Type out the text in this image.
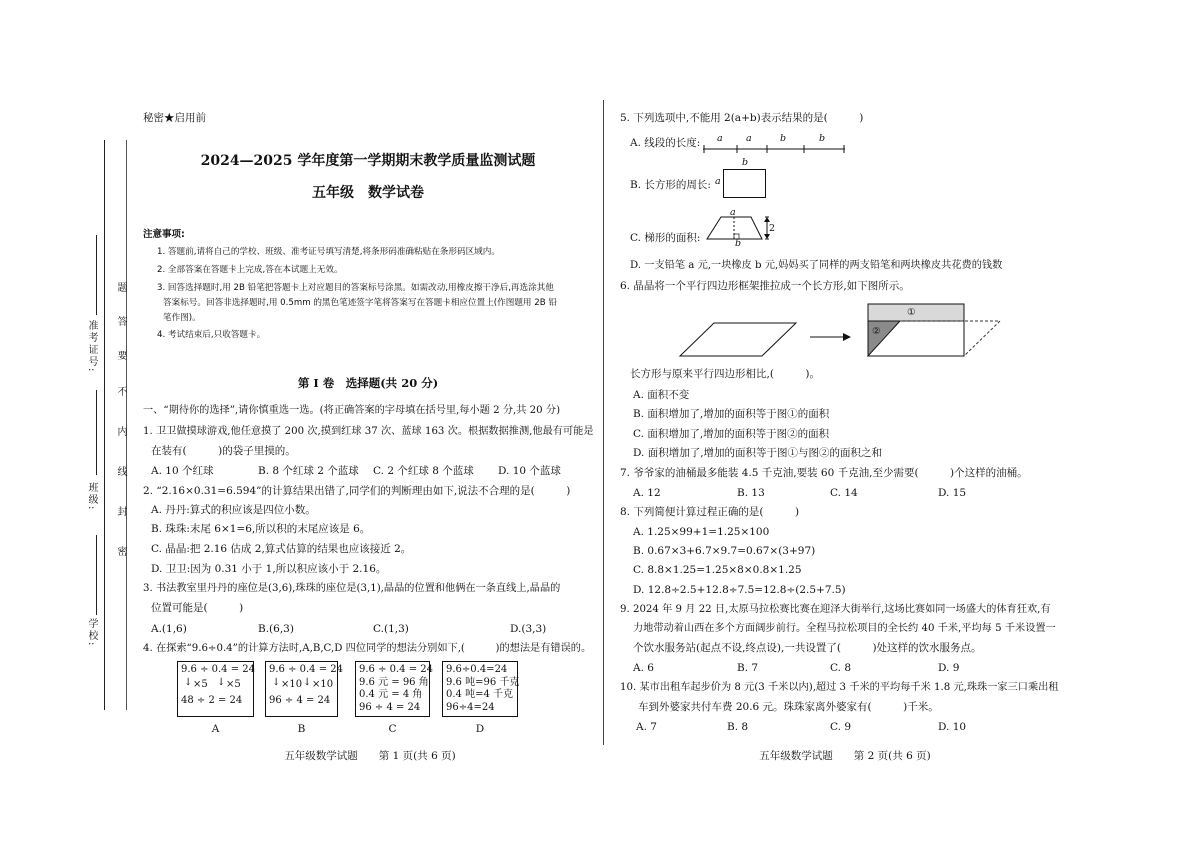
准考证号:
班级:
学校:
密
封
线
内
不
要
答
题
秘密★启用前
2024—2025 学年度第一学期期末教学质量监测试题
五年级　数学试卷
注意事项:
1. 答题前,请将自己的学校、班级、准考证号填写清楚,将条形码准确粘贴在条形码区域内。
2. 全部答案在答题卡上完成,答在本试题上无效。
3. 回答选择题时,用 2B 铅笔把答题卡上对应题目的答案标号涂黑。如需改动,用橡皮擦干净后,再选涂其他
答案标号。回答非选择题时,用 0.5mm 的黑色笔迹签字笔将答案写在答题卡相应位置上(作图题用 2B 铅
笔作图)。
4. 考试结束后,只收答题卡。
第 Ⅰ 卷　选择题(共 20 分)
一、“期待你的选择”,请你慎重选一选。(将正确答案的字母填在括号里,每小题 2 分,共 20 分)
1. 卫卫做摸球游戏,他任意摸了 200 次,摸到红球 37 次、蓝球 163 次。根据数据推测,他最有可能是
在装有(　　　)的袋子里摸的。
A. 10 个红球	B. 8 个红球 2 个蓝球 C. 2 个红球 8 个蓝球 D. 10 个蓝球
2. “2.16×0.31=6.594”的计算结果出错了,同学们的判断理由如下,说法不合理的是(　　　)
A. 丹丹:算式的积应该是四位小数。
B. 珠珠:末尾 6×1=6,所以积的末尾应该是 6。
C. 晶晶:把 2.16 估成 2,算式估算的结果也应该接近 2。
D. 卫卫:因为 0.31 小于 1,所以积应该小于 2.16。
3. 书法教室里丹丹的座位是(3,6),珠珠的座位是(3,1),晶晶的位置和他俩在一条直线上,晶晶的
位置可能是(　　　)
A.(1,6)	B.(6,3)	C.(1,3)	D.(3,3)
4. 在探索“9.6÷0.4”的计算方法时,A,B,C,D 四位同学的想法分别如下,(　　　)的想法是有错误的。
9.6 ÷ 0.4 = 24
↓ ×5 ↓ ×5
48 ÷ 2 = 24
A
9.6 ÷ 0.4 = 24
↓ ×10 ↓ ×10
96 ÷ 4 = 24
B
9.6 ÷ 0.4 = 24
9.6 元 = 96 角
0.4 元 = 4 角
96 ÷ 4 = 24
C
9.6÷0.4=24
9.6 吨=96 千克
0.4 吨=4 千克
96÷4=24
D
五年级数学试题　　第 1 页(共 6 页)
5. 下列选项中,不能用 2(a+b)表示结果的是(　　　)
A. 线段的长度: a a	b	b
B. 长方形的周长:
b
a
C. 梯形的面积:
a
2
b
D. 一支铅笔 a 元,一块橡皮 b 元,妈妈买了同样的两支铅笔和两块橡皮共花费的钱数
6. 晶晶将一个平行四边形框架推拉成一个长方形,如下图所示。
①
②
长方形与原来平行四边形相比,(　　　)。
A. 面积不变
B. 面积增加了,增加的面积等于图①的面积
C. 面积增加了,增加的面积等于图②的面积
D. 面积增加了,增加的面积等于图①与图②的面积之和
7. 爷爷家的油桶最多能装 4.5 千克油,要装 60 千克油,至少需要(　　　)个这样的油桶。
A. 12	B. 13	C. 14	D. 15
8. 下列简便计算过程正确的是(　　　)
A. 1.25×99+1=1.25×100
B. 0.67×3+6.7×9.7=0.67×(3+97)
C. 8.8×1.25=1.25×8×0.8×1.25
D. 12.8÷2.5+12.8÷7.5=12.8÷(2.5+7.5)
9. 2024 年 9 月 22 日,太原马拉松赛比赛在迎泽大街举行,这场比赛如同一场盛大的体育狂欢,有
力地带动着山西在多个方面阔步前行。全程马拉松项目的全长约 40 千米,平均每 5 千米设置一
个饮水服务站(起点不设,终点设),一共设置了(　　　)处这样的饮水服务点。
A. 6	B. 7	C. 8	D. 9
10. 某市出租车起步价为 8 元(3 千米以内),超过 3 千米的平均每千米 1.8 元,珠珠一家三口乘出租
车到外婆家共付车费 20.6 元。珠珠家离外婆家有(　　　)千米。
A. 7	B. 8	C. 9	D. 10
五年级数学试题　　第 2 页(共 6 页)
